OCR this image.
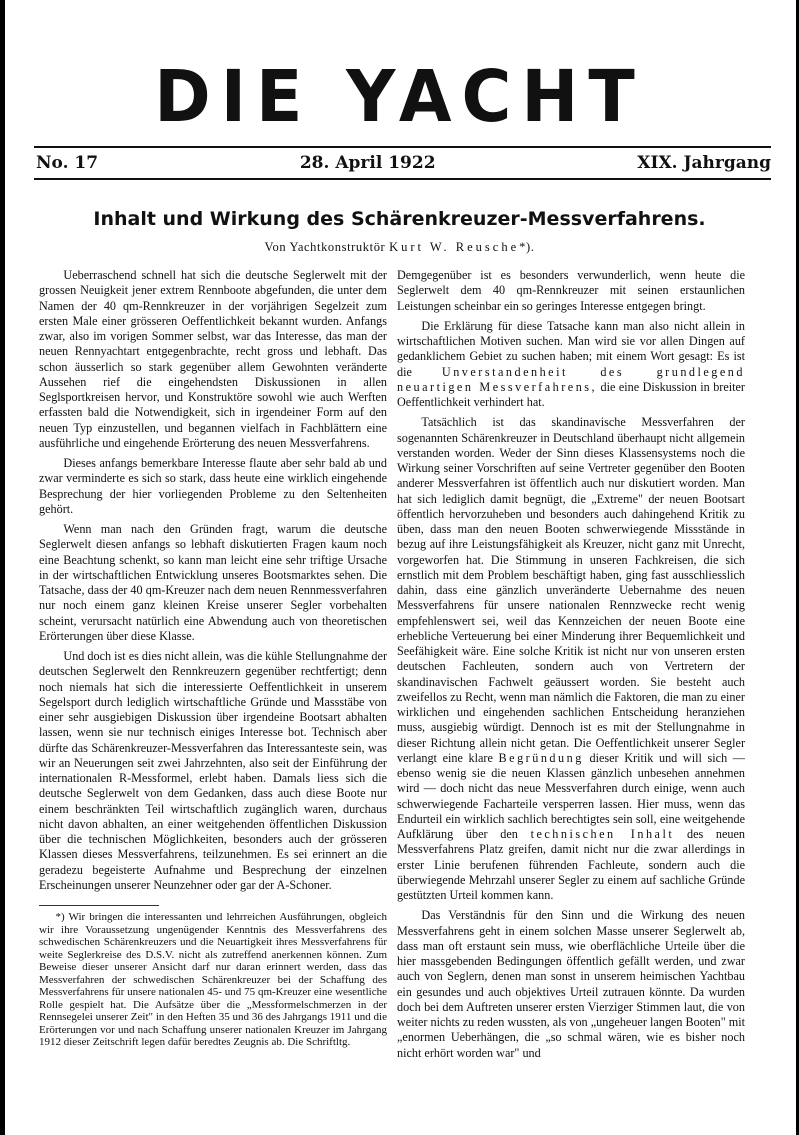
DIE YACHT
No. 17	28. April 1922	XIX. Jahrgang
Inhalt und Wirkung des Schärenkreuzer-Messverfahrens.
Von Yachtkonstruktör Kurt W. Reusche*).

Ueberraschend schnell hat sich die deutsche Seglerwelt mit der grossen Neuigkeit jener extrem Rennboote abgefunden, die unter dem Namen der 40 qm-Rennkreuzer in der vorjährigen Segelzeit zum ersten Male einer grösseren Oeffentlichkeit bekannt wurden. Anfangs zwar, also im vorigen Sommer selbst, war das Interesse, das man der neuen Rennyachtart entgegenbrachte, recht gross und lebhaft. Das schon äusserlich so stark gegenüber allem Gewohnten veränderte Aussehen rief die eingehendsten Diskussionen in allen Seglsportkreisen hervor, und Konstruktöre sowohl wie auch Werften erfassten bald die Notwendigkeit, sich in irgendeiner Form auf den neuen Typ einzustellen, und begannen vielfach in Fachblättern eine ausführliche und eingehende Erörterung des neuen Messverfahrens.

Dieses anfangs bemerkbare Interesse flaute aber sehr bald ab und zwar verminderte es sich so stark, dass heute eine wirklich eingehende Besprechung der hier vorliegenden Probleme zu den Seltenheiten gehört.

Wenn man nach den Gründen fragt, warum die deutsche Seglerwelt diesen anfangs so lebhaft diskutierten Fragen kaum noch eine Beachtung schenkt, so kann man leicht eine sehr triftige Ursache in der wirtschaftlichen Entwicklung unseres Bootsmarktes sehen. Die Tatsache, dass der 40 qm-Kreuzer nach dem neuen Rennmessverfahren nur noch einem ganz kleinen Kreise unserer Segler vorbehalten scheint, verursacht natürlich eine Abwendung auch von theoretischen Erörterungen über diese Klasse.

Und doch ist es dies nicht allein, was die kühle Stellungnahme der deutschen Seglerwelt den Rennkreuzern gegenüber rechtfertigt; denn noch niemals hat sich die interessierte Oeffentlichkeit in unserem Segelsport durch lediglich wirtschaftliche Gründe und Massstäbe von einer sehr ausgiebigen Diskussion über irgendeine Bootsart abhalten lassen, wenn sie nur technisch einiges Interesse bot. Technisch aber dürfte das Schärenkreuzer-Messverfahren das Interessanteste sein, was wir an Neuerungen seit zwei Jahrzehnten, also seit der Einführung der internationalen R-Messformel, erlebt haben. Damals liess sich die deutsche Seglerwelt von dem Gedanken, dass auch diese Boote nur einem beschränkten Teil wirtschaftlich zugänglich waren, durchaus nicht davon abhalten, an einer weitgehenden öffentlichen Diskussion über die technischen Möglichkeiten, besonders auch der grösseren Klassen dieses Messverfahrens, teilzunehmen. Es sei erinnert an die geradezu begeisterte Aufnahme und Besprechung der einzelnen Erscheinungen unserer Neunzehner oder gar der A-Schoner.

*) Wir bringen die interessanten und lehrreichen Ausführungen, obgleich wir ihre Voraussetzung ungenügender Kenntnis des Messverfahrens des schwedischen Schärenkreuzers und die Neuartigkeit ihres Messverfahrens für weite Seglerkreise des D.S.V. nicht als zutreffend anerkennen können. Zum Beweise dieser unserer Ansicht darf nur daran erinnert werden, dass das Messverfahren der schwedischen Schärenkreuzer bei der Schaffung des Messverfahrens für unsere nationalen 45- und 75 qm-Kreuzer eine wesentliche Rolle gespielt hat. Die Aufsätze über die „Messformelschmerzen in der Rennsegelei unserer Zeit" in den Heften 35 und 36 des Jahrgangs 1911 und die Erörterungen vor und nach Schaffung unserer nationalen Kreuzer im Jahrgang 1912 dieser Zeitschrift legen dafür beredtes Zeugnis ab. Die Schriftltg.

Demgegenüber ist es besonders verwunderlich, wenn heute die Seglerwelt dem 40 qm-Rennkreuzer mit seinen erstaunlichen Leistungen scheinbar ein so geringes Interesse entgegen bringt.

Die Erklärung für diese Tatsache kann man also nicht allein in wirtschaftlichen Motiven suchen. Man wird sie vor allen Dingen auf gedanklichem Gebiet zu suchen haben; mit einem Wort gesagt: Es ist die Unverstandenheit des grundlegend neuartigen Messverfahrens, die eine Diskussion in breiter Oeffentlichkeit verhindert hat.

Tatsächlich ist das skandinavische Messverfahren der sogenannten Schärenkreuzer in Deutschland überhaupt nicht allgemein verstanden worden. Weder der Sinn dieses Klassensystems noch die Wirkung seiner Vorschriften auf seine Vertreter gegenüber den Booten anderer Messverfahren ist öffentlich auch nur diskutiert worden. Man hat sich lediglich damit begnügt, die „Extreme" der neuen Bootsart öffentlich hervorzuheben und besonders auch dahingehend Kritik zu üben, dass man den neuen Booten schwerwiegende Missstände in bezug auf ihre Leistungsfähigkeit als Kreuzer, nicht ganz mit Unrecht, vorgeworfen hat. Die Stimmung in unseren Fachkreisen, die sich ernstlich mit dem Problem beschäftigt haben, ging fast ausschliesslich dahin, dass eine gänzlich unveränderte Uebernahme des neuen Messverfahrens für unsere nationalen Rennzwecke recht wenig empfehlenswert sei, weil das Kennzeichen der neuen Boote eine erhebliche Verteuerung bei einer Minderung ihrer Bequemlichkeit und Seefähigkeit wäre. Eine solche Kritik ist nicht nur von unseren ersten deutschen Fachleuten, sondern auch von Vertretern der skandinavischen Fachwelt geäussert worden. Sie besteht auch zweifellos zu Recht, wenn man nämlich die Faktoren, die man zu einer wirklichen und eingehenden sachlichen Entscheidung heranziehen muss, ausgiebig würdigt. Dennoch ist es mit der Stellungnahme in dieser Richtung allein nicht getan. Die Oeffentlichkeit unserer Segler verlangt eine klare Begründung dieser Kritik und will sich — ebenso wenig sie die neuen Klassen gänzlich unbesehen annehmen wird — doch nicht das neue Messverfahren durch einige, wenn auch schwerwiegende Facharteile versperren lassen. Hier muss, wenn das Endurteil ein wirklich sachlich berechtigtes sein soll, eine weitgehende Aufklärung über den technischen Inhalt des neuen Messverfahrens Platz greifen, damit nicht nur die zwar allerdings in erster Linie berufenen führenden Fachleute, sondern auch die überwiegende Mehrzahl unserer Segler zu einem auf sachliche Gründe gestützten Urteil kommen kann.

Das Verständnis für den Sinn und die Wirkung des neuen Messverfahrens geht in einem solchen Masse unserer Seglerwelt ab, dass man oft erstaunt sein muss, wie oberflächliche Urteile über die hier massgebenden Bedingungen öffentlich gefällt werden, und zwar auch von Seglern, denen man sonst in unserem heimischen Yachtbau ein gesundes und auch objektives Urteil zutrauen könnte. Da wurden doch bei dem Auftreten unserer ersten Vierziger Stimmen laut, die von weiter nichts zu reden wussten, als von „ungeheuer langen Booten" mit „enormen Ueberhängen, die „so schmal wären, wie es bisher noch nicht erhört worden war" und
